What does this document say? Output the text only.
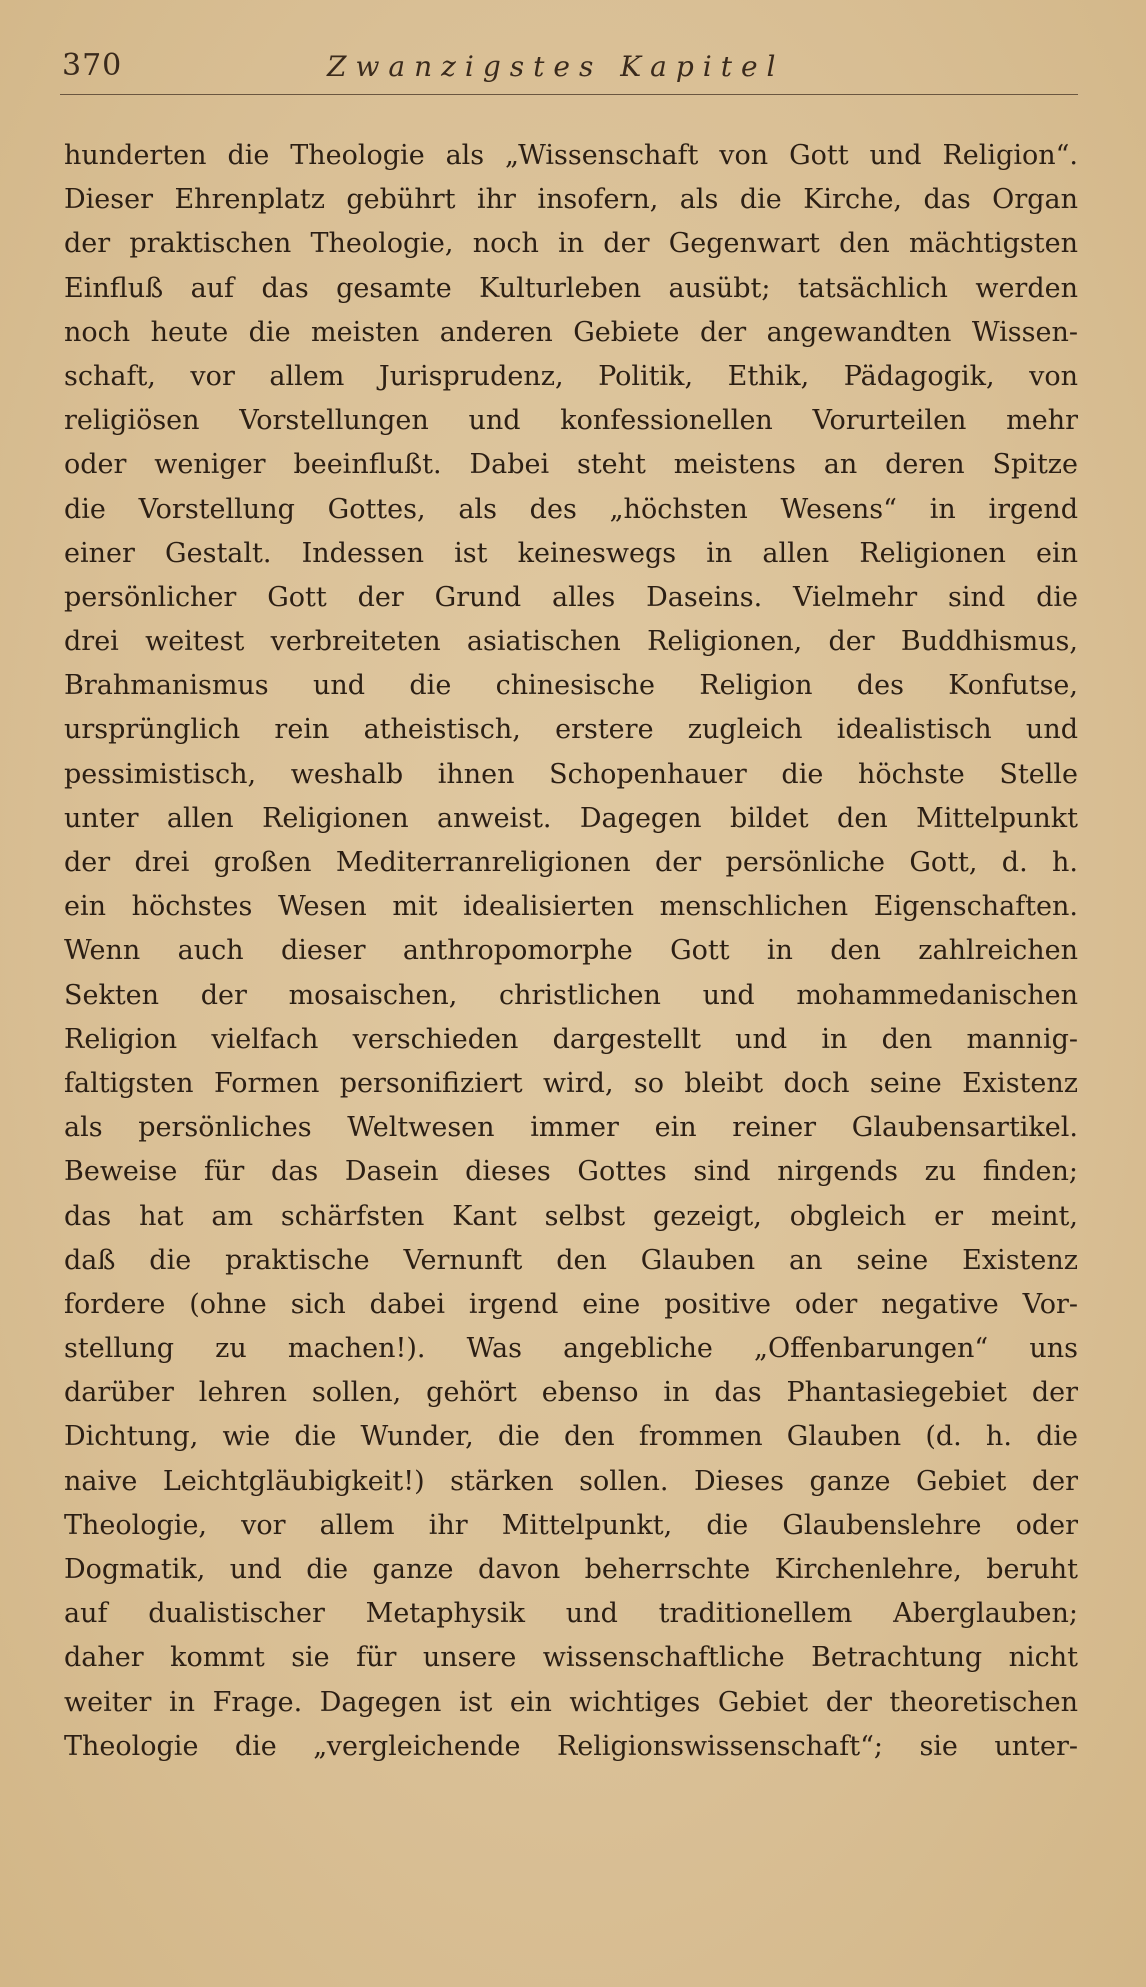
370	Zwanzigstes Kapitel
hunderten die Theologie als „Wissenschaft von Gott und Religion“.
Dieser Ehrenplatz gebührt ihr insofern, als die Kirche, das Organ
der praktischen Theologie, noch in der Gegenwart den mächtigsten
Einfluß auf das gesamte Kulturleben ausübt; tatsächlich werden
noch heute die meisten anderen Gebiete der angewandten Wissen-
schaft, vor allem Jurisprudenz, Politik, Ethik, Pädagogik, von
religiösen Vorstellungen und konfessionellen Vorurteilen mehr
oder weniger beeinflußt. Dabei steht meistens an deren Spitze
die Vorstellung Gottes, als des „höchsten Wesens“ in irgend
einer Gestalt. Indessen ist keineswegs in allen Religionen ein
persönlicher Gott der Grund alles Daseins. Vielmehr sind die
drei weitest verbreiteten asiatischen Religionen, der Buddhismus,
Brahmanismus und die chinesische Religion des Konfutse,
ursprünglich rein atheistisch, erstere zugleich idealistisch und
pessimistisch, weshalb ihnen Schopenhauer die höchste Stelle
unter allen Religionen anweist. Dagegen bildet den Mittelpunkt
der drei großen Mediterranreligionen der persönliche Gott, d. h.
ein höchstes Wesen mit idealisierten menschlichen Eigenschaften.
Wenn auch dieser anthropomorphe Gott in den zahlreichen
Sekten der mosaischen, christlichen und mohammedanischen
Religion vielfach verschieden dargestellt und in den mannig-
faltigsten Formen personifiziert wird, so bleibt doch seine Existenz
als persönliches Weltwesen immer ein reiner Glaubensartikel.
Beweise für das Dasein dieses Gottes sind nirgends zu finden;
das hat am schärfsten Kant selbst gezeigt, obgleich er meint,
daß die praktische Vernunft den Glauben an seine Existenz
fordere (ohne sich dabei irgend eine positive oder negative Vor-
stellung zu machen!). Was angebliche „Offenbarungen“ uns
darüber lehren sollen, gehört ebenso in das Phantasiegebiet der
Dichtung, wie die Wunder, die den frommen Glauben (d. h. die
naive Leichtgläubigkeit!) stärken sollen. Dieses ganze Gebiet der
Theologie, vor allem ihr Mittelpunkt, die Glaubenslehre oder
Dogmatik, und die ganze davon beherrschte Kirchenlehre, beruht
auf dualistischer Metaphysik und traditionellem Aberglauben;
daher kommt sie für unsere wissenschaftliche Betrachtung nicht
weiter in Frage. Dagegen ist ein wichtiges Gebiet der theoretischen
Theologie die „vergleichende Religionswissenschaft“; sie unter-
